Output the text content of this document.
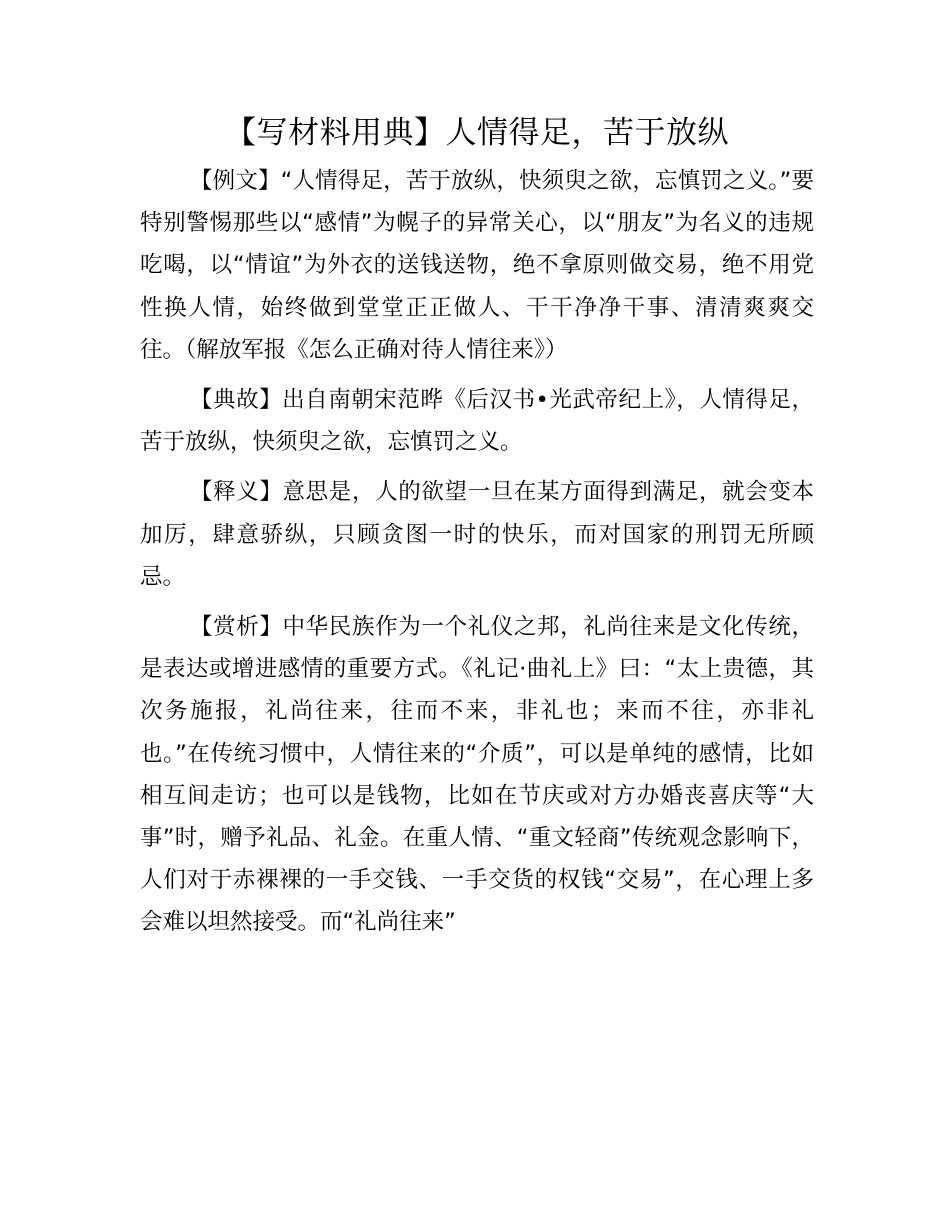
【写材料用典】人情得足，苦于放纵

【例文】“人情得足，苦于放纵，快须臾之欲，忘慎罚之义。”要特别警惕那些以“感情”为幌子的异常关心，以“朋友”为名义的违规吃喝，以“情谊”为外衣的送钱送物，绝不拿原则做交易，绝不用党性换人情，始终做到堂堂正正做人、干干净净干事、清清爽爽交往。（解放军报《怎么正确对待人情往来》）

【典故】出自南朝宋范晔《后汉书•光武帝纪上》，人情得足，苦于放纵，快须臾之欲，忘慎罚之义。

【释义】意思是，人的欲望一旦在某方面得到满足，就会变本加厉，肆意骄纵，只顾贪图一时的快乐，而对国家的刑罚无所顾忌。

【赏析】中华民族作为一个礼仪之邦，礼尚往来是文化传统，是表达或增进感情的重要方式。《礼记·曲礼上》曰：“太上贵德，其次务施报，礼尚往来，往而不来，非礼也；来而不往，亦非礼也。”在传统习惯中，人情往来的“介质”，可以是单纯的感情，比如相互间走访；也可以是钱物，比如在节庆或对方办婚丧喜庆等“大事”时，赠予礼品、礼金。在重人情、“重文轻商”传统观念影响下，人们对于赤裸裸的一手交钱、一手交货的权钱“交易”，在心理上多会难以坦然接受。而“礼尚往来”
